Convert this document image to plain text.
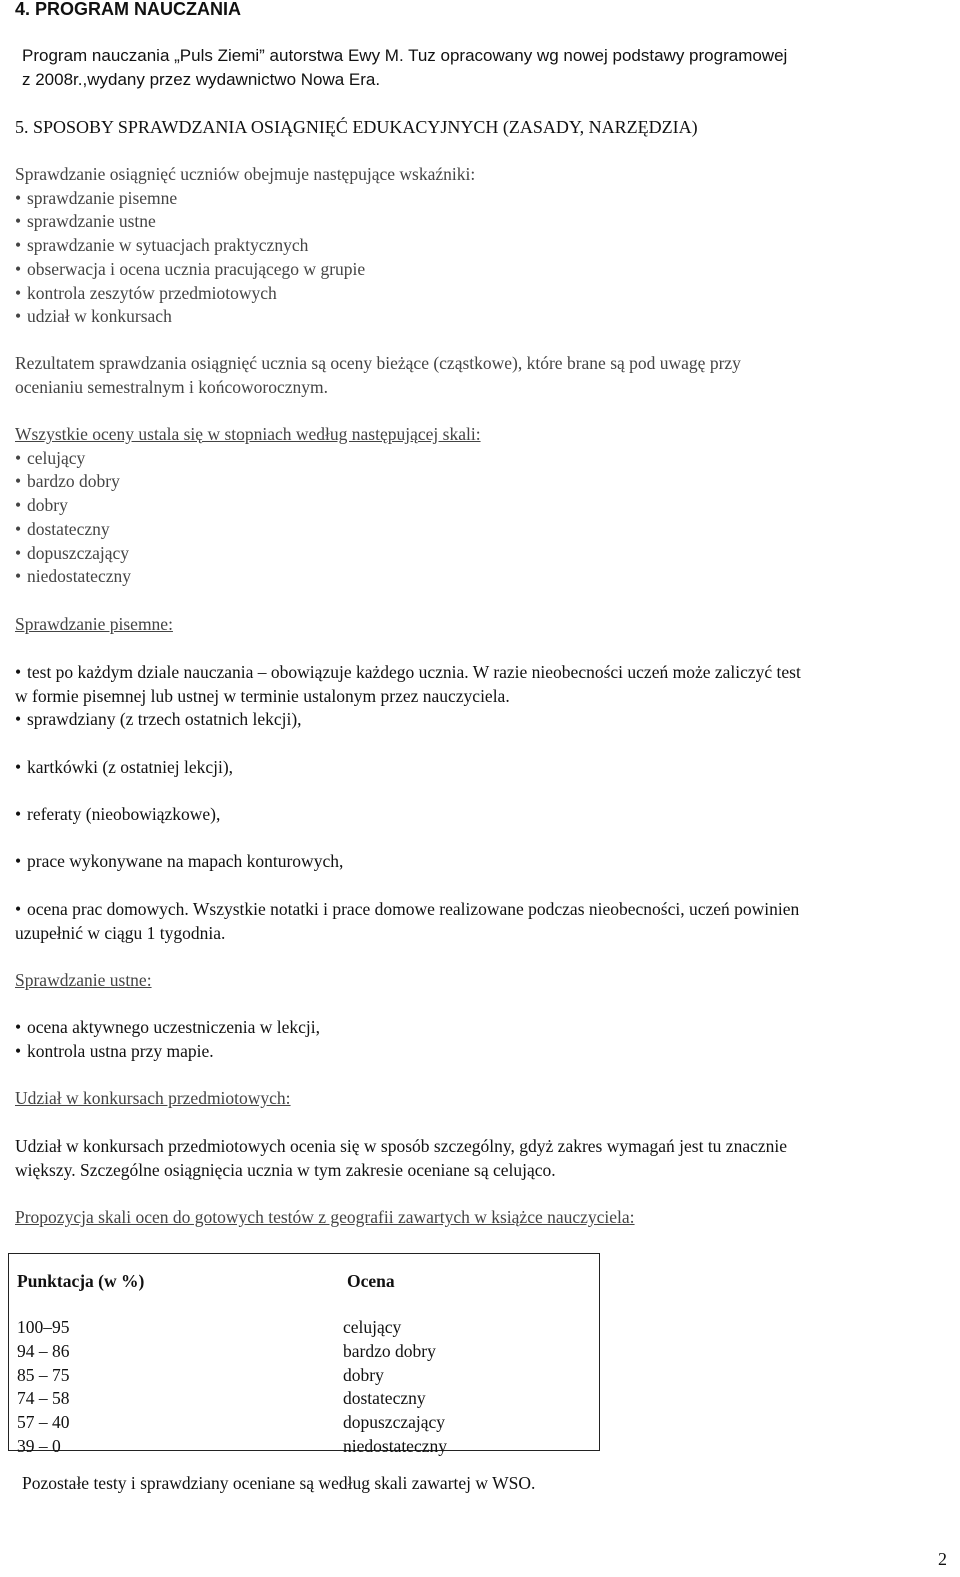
4. PROGRAM NAUCZANIA
Program nauczania „Puls Ziemi” autorstwa Ewy M. Tuz opracowany wg nowej podstawy programowej
z 2008r.,wydany przez wydawnictwo Nowa Era.
5. SPOSOBY SPRAWDZANIA OSIĄGNIĘĆ EDUKACYJNYCH (ZASADY, NARZĘDZIA)

Sprawdzanie osiągnięć uczniów obejmuje następujące wskaźniki:

• sprawdzanie pisemne
• sprawdzanie ustne
• sprawdzanie w sytuacjach praktycznych
• obserwacja i ocena ucznia pracującego w grupie
• kontrola zeszytów przedmiotowych
• udział w konkursach

Rezultatem sprawdzania osiągnięć ucznia są oceny bieżące (cząstkowe), które brane są pod uwagę przy

ocenianiu semestralnym i końcoworocznym.

Wszystkie oceny ustala się w stopniach według następującej skali:

• celujący
• bardzo dobry
• dobry
• dostateczny
• dopuszczający
• niedostateczny
Sprawdzanie pisemne:
• test po każdym dziale nauczania – obowiązuje każdego ucznia. W razie nieobecności uczeń może zaliczyć test

w formie pisemnej lub ustnej w terminie ustalonym przez nauczyciela.

• sprawdziany (z trzech ostatnich lekcji),
• kartkówki (z ostatniej lekcji),
• referaty (nieobowiązkowe),
• prace wykonywane na mapach konturowych,
• ocena prac domowych. Wszystkie notatki i prace domowe realizowane podczas nieobecności, uczeń powinien

uzupełnić w ciągu 1 tygodnia.

Sprawdzanie ustne:
• ocena aktywnego uczestniczenia w lekcji,
• kontrola ustna przy mapie.
Udział w konkursach przedmiotowych:

Udział w konkursach przedmiotowych ocenia się w sposób szczególny, gdyż zakres wymagań jest tu znacznie

większy. Szczególne osiągnięcia ucznia w tym zakresie oceniane są celująco.

Propozycja skali ocen do gotowych testów z geografii zawartych w książce nauczyciela:
Punktacja (w %)	Ocena
100–95	celujący
94 – 86	bardzo dobry
85 – 75	dobry
74 – 58	dostateczny
57 – 40	dopuszczający
39 – 0	niedostateczny
Pozostałe testy i sprawdziany oceniane są według skali zawartej w WSO.
2
